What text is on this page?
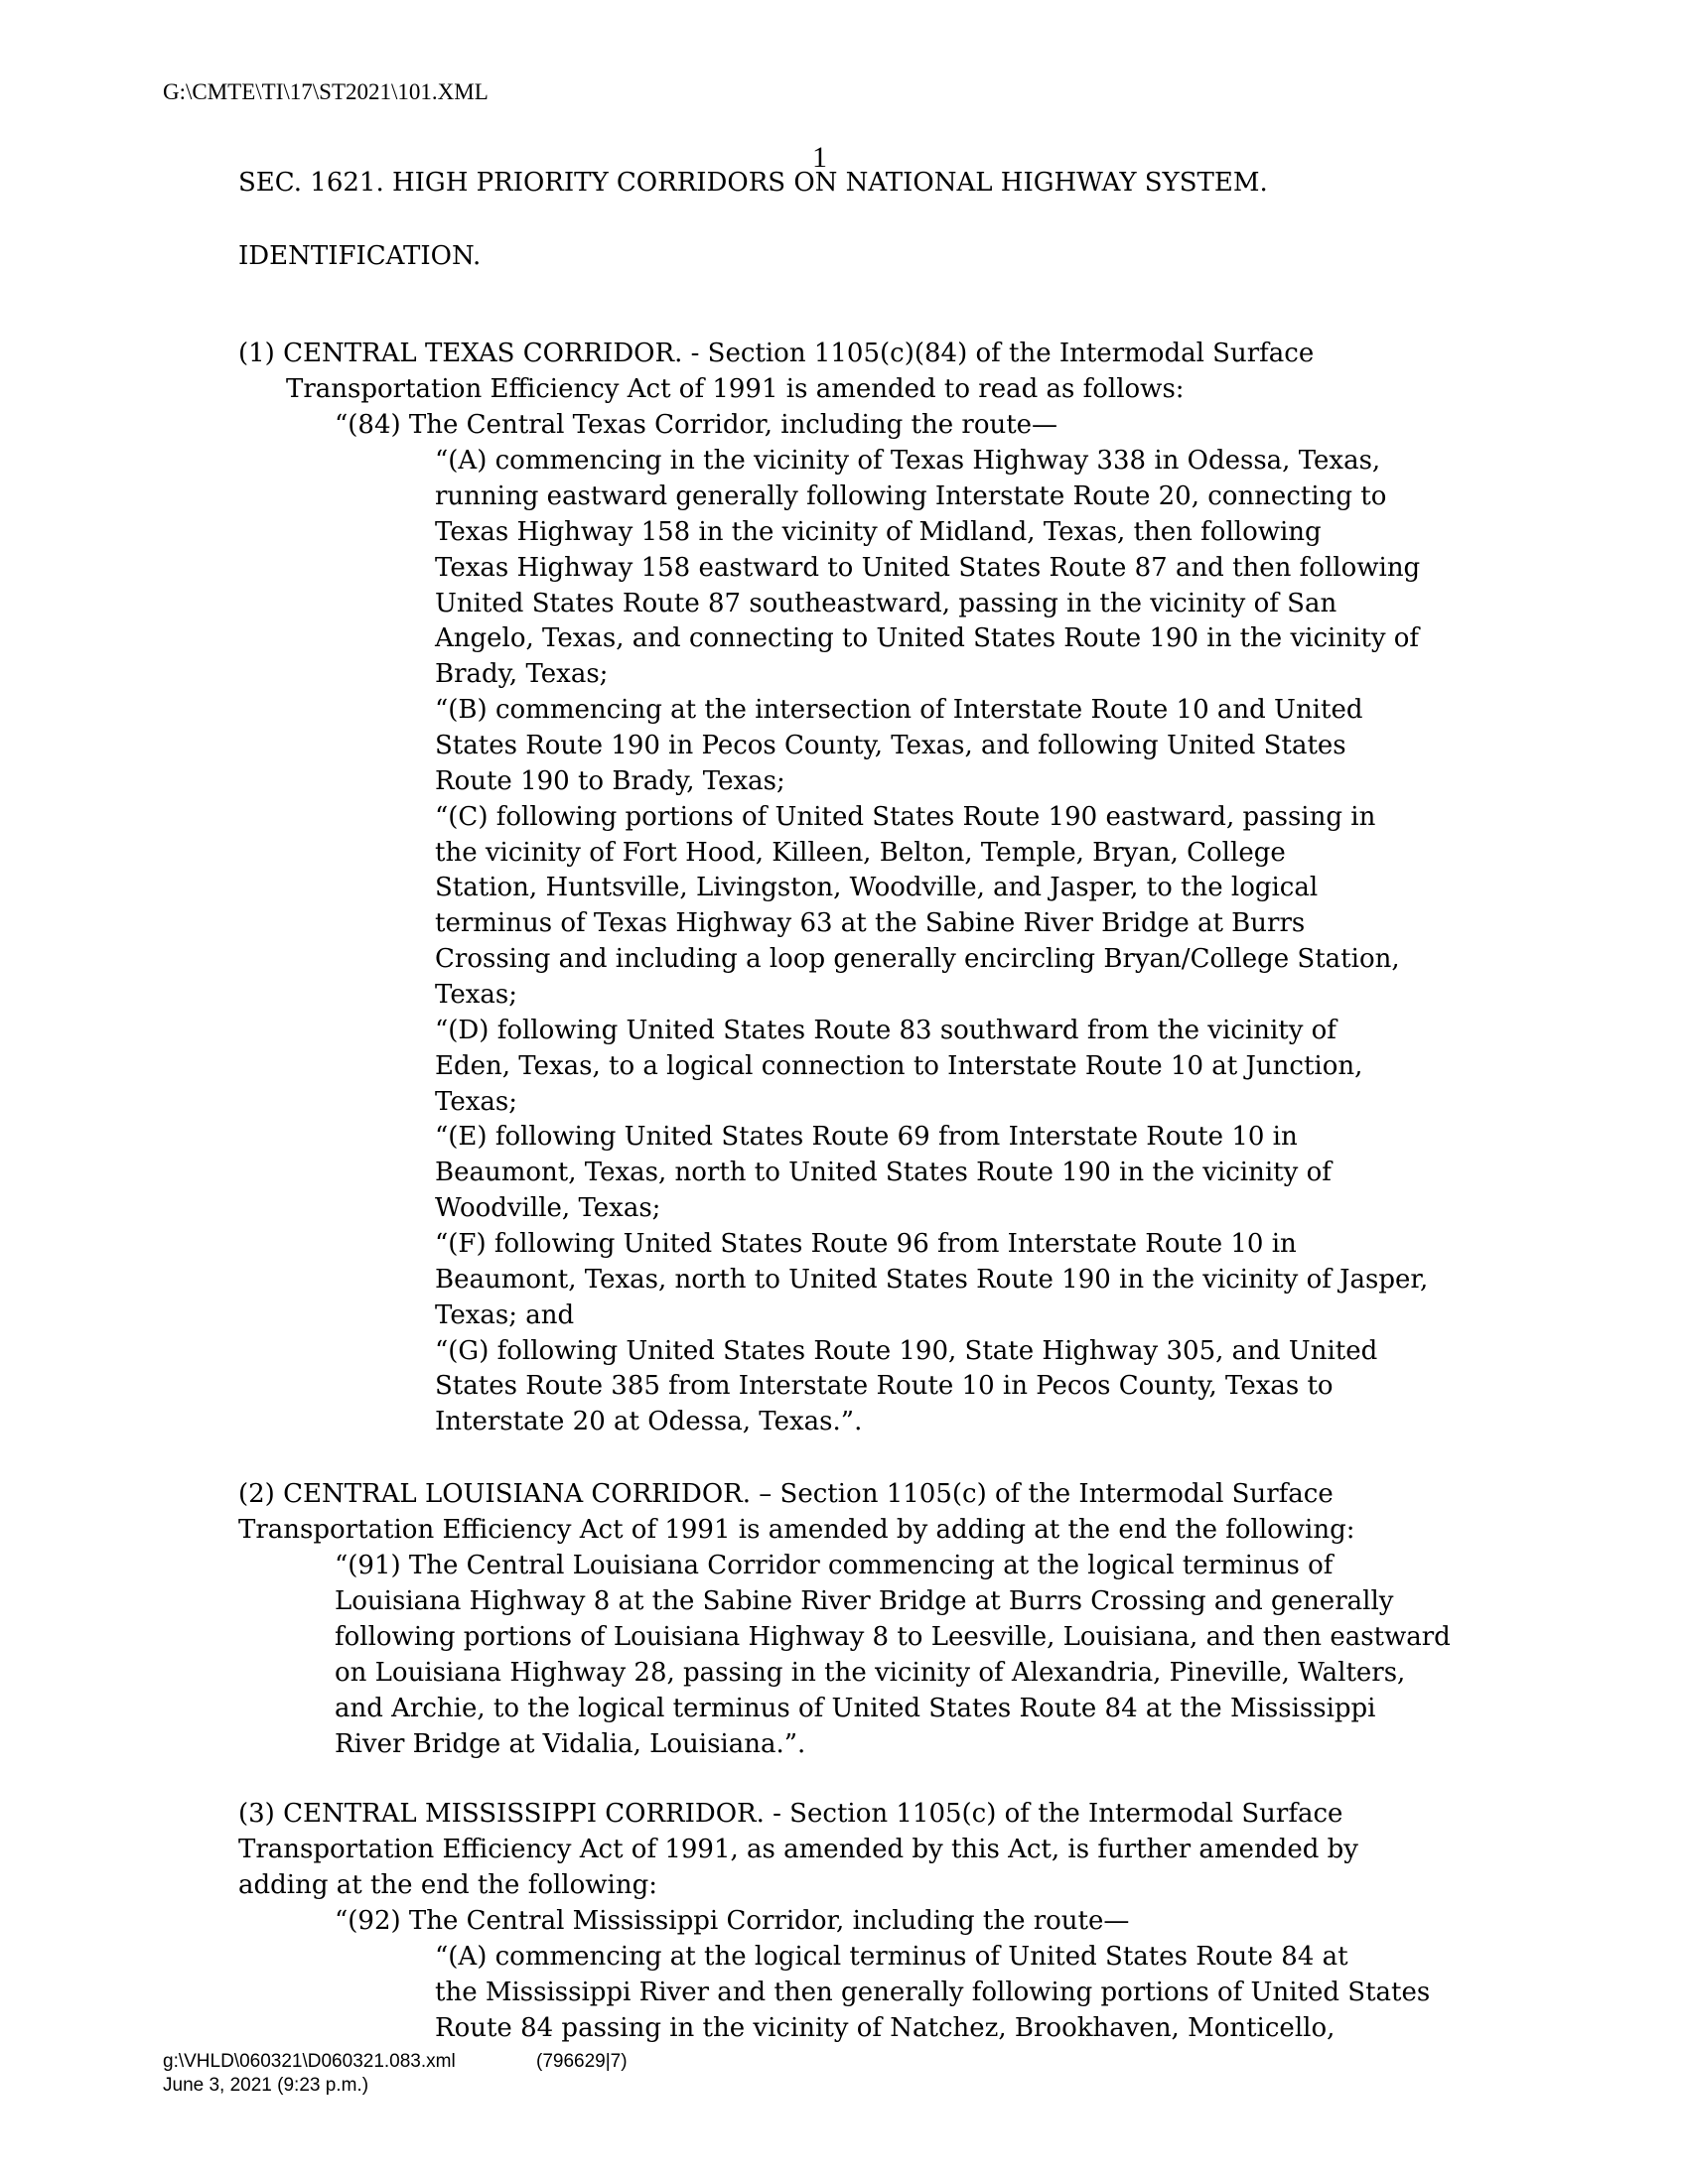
G:\CMTE\TI\17\ST2021\101.XML
1
SEC. 1621. HIGH PRIORITY CORRIDORS ON NATIONAL HIGHWAY SYSTEM.
IDENTIFICATION.
(1) CENTRAL TEXAS CORRIDOR. - Section 1105(c)(84) of the Intermodal Surface
Transportation Efficiency Act of 1991 is amended to read as follows:
“(84) The Central Texas Corridor, including the route—
“(A) commencing in the vicinity of Texas Highway 338 in Odessa, Texas,
running eastward generally following Interstate Route 20, connecting to
Texas Highway 158 in the vicinity of Midland, Texas, then following
Texas Highway 158 eastward to United States Route 87 and then following
United States Route 87 southeastward, passing in the vicinity of San
Angelo, Texas, and connecting to United States Route 190 in the vicinity of
Brady, Texas;
“(B) commencing at the intersection of Interstate Route 10 and United
States Route 190 in Pecos County, Texas, and following United States
Route 190 to Brady, Texas;
“(C) following portions of United States Route 190 eastward, passing in
the vicinity of Fort Hood, Killeen, Belton, Temple, Bryan, College
Station, Huntsville, Livingston, Woodville, and Jasper, to the logical
terminus of Texas Highway 63 at the Sabine River Bridge at Burrs
Crossing and including a loop generally encircling Bryan/College Station,
Texas;
“(D) following United States Route 83 southward from the vicinity of
Eden, Texas, to a logical connection to Interstate Route 10 at Junction,
Texas;
“(E) following United States Route 69 from Interstate Route 10 in
Beaumont, Texas, north to United States Route 190 in the vicinity of
Woodville, Texas;
“(F) following United States Route 96 from Interstate Route 10 in
Beaumont, Texas, north to United States Route 190 in the vicinity of Jasper,
Texas; and
“(G) following United States Route 190, State Highway 305, and United
States Route 385 from Interstate Route 10 in Pecos County, Texas to
Interstate 20 at Odessa, Texas.”.
(2) CENTRAL LOUISIANA CORRIDOR. – Section 1105(c) of the Intermodal Surface
Transportation Efficiency Act of 1991 is amended by adding at the end the following:
“(91) The Central Louisiana Corridor commencing at the logical terminus of
Louisiana Highway 8 at the Sabine River Bridge at Burrs Crossing and generally
following portions of Louisiana Highway 8 to Leesville, Louisiana, and then eastward
on Louisiana Highway 28, passing in the vicinity of Alexandria, Pineville, Walters,
and Archie, to the logical terminus of United States Route 84 at the Mississippi
River Bridge at Vidalia, Louisiana.”.
(3) CENTRAL MISSISSIPPI CORRIDOR. - Section 1105(c) of the Intermodal Surface
Transportation Efficiency Act of 1991, as amended by this Act, is further amended by
adding at the end the following:
“(92) The Central Mississippi Corridor, including the route—
“(A) commencing at the logical terminus of United States Route 84 at
the Mississippi River and then generally following portions of United States
Route 84 passing in the vicinity of Natchez, Brookhaven, Monticello,
g:\VHLD\060321\D060321.083.xml	(796629|7)
June 3, 2021 (9:23 p.m.)
